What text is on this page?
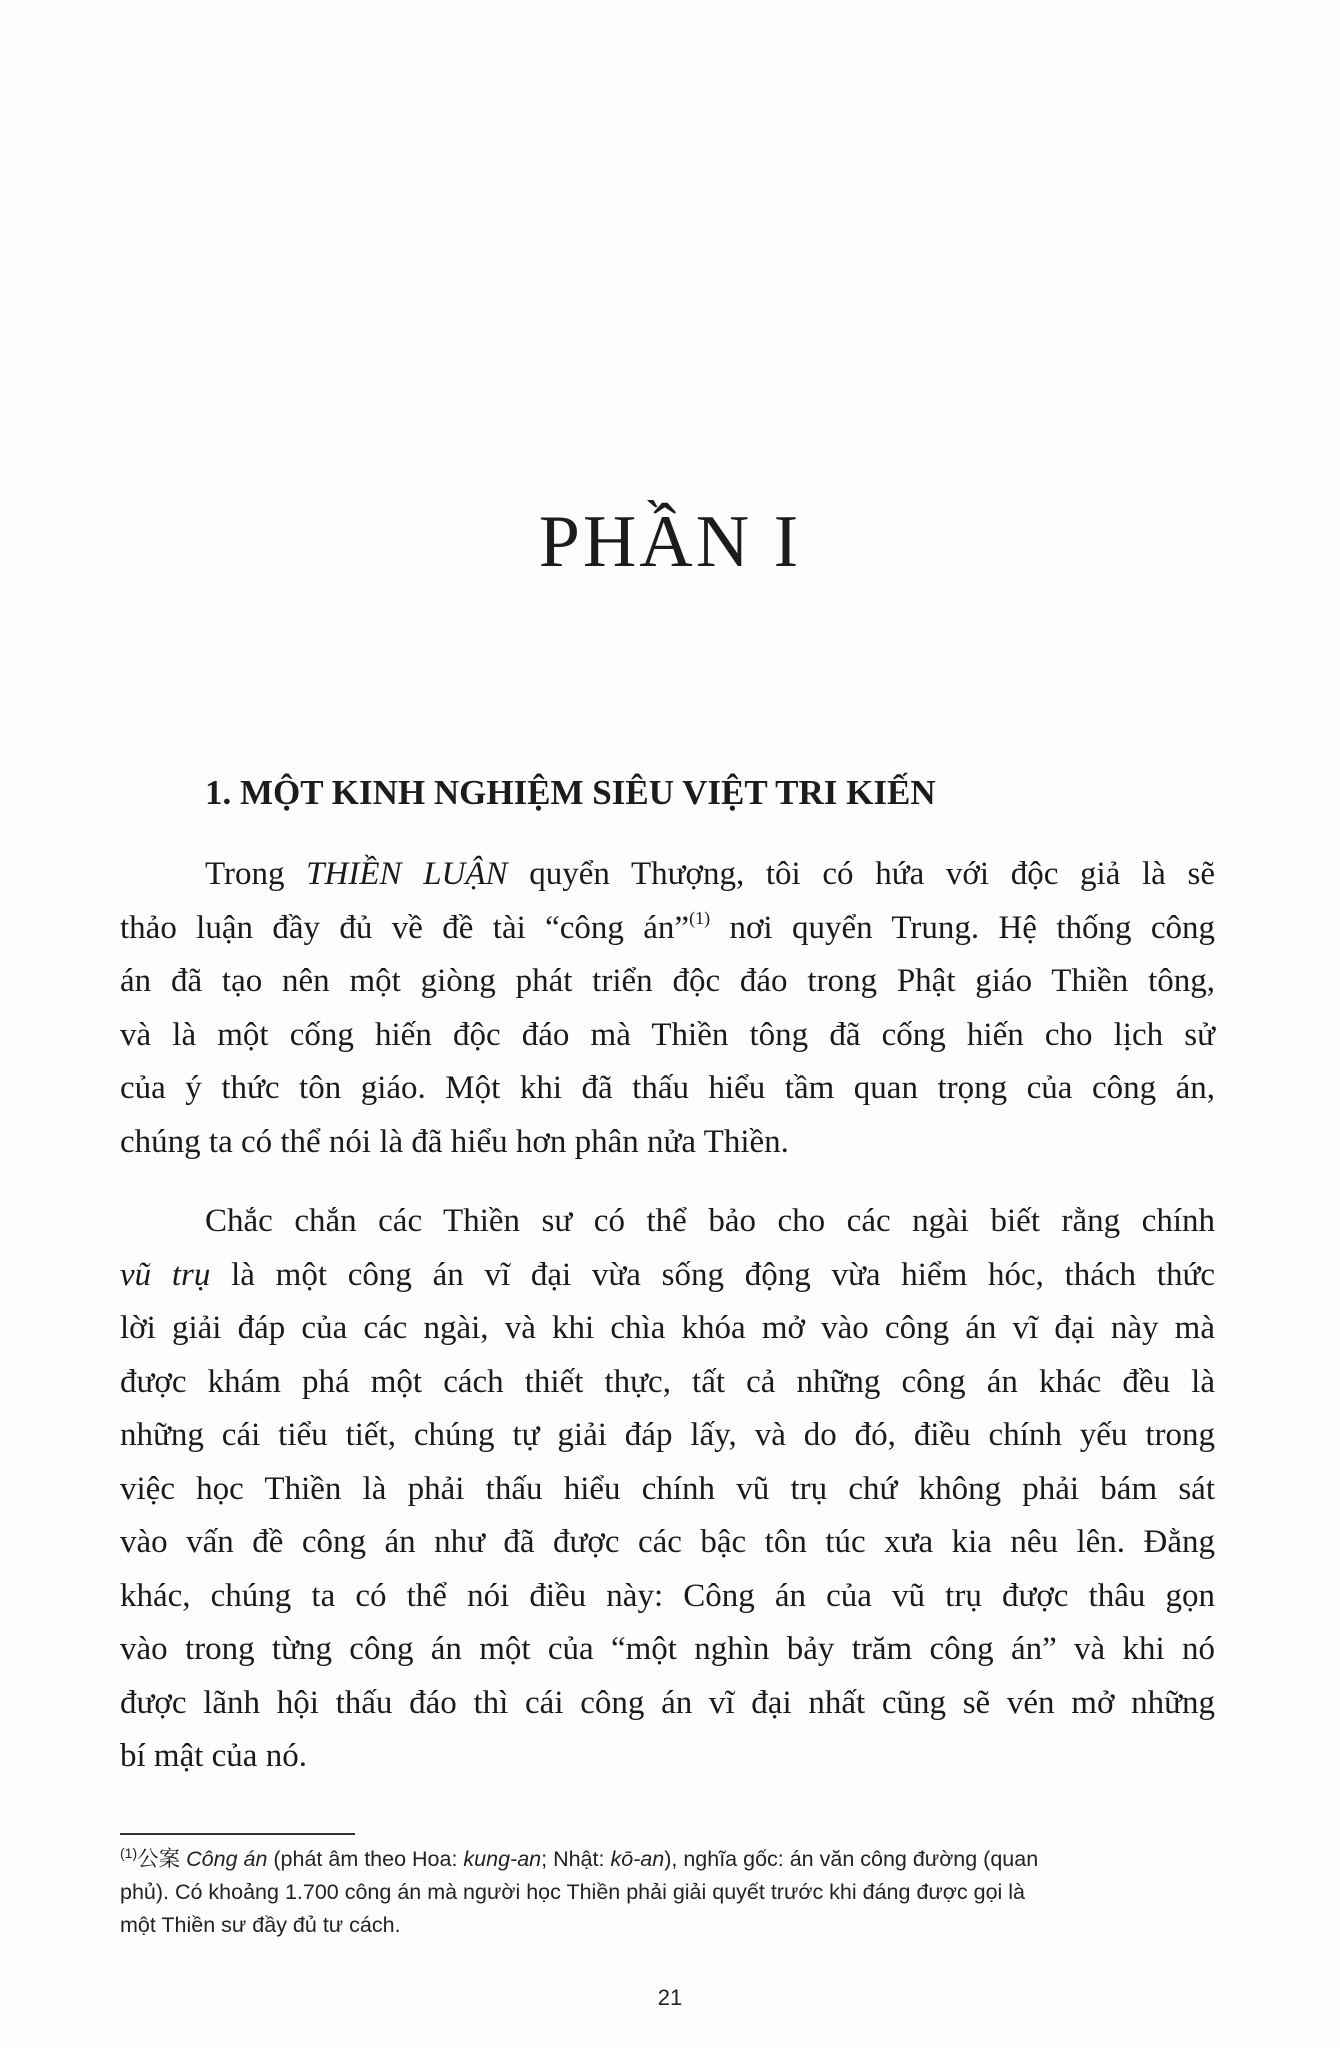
PHẦN I
1. MỘT KINH NGHIỆM SIÊU VIỆT TRI KIẾN

Trong THIỀN LUẬN quyển Thượng, tôi có hứa với độc giả là sẽ
thảo luận đầy đủ về đề tài “công án”$^{(1)}$ nơi quyển Trung. Hệ thống công
án đã tạo nên một giòng phát triển độc đáo trong Phật giáo Thiền tông,
và là một cống hiến độc đáo mà Thiền tông đã cống hiến cho lịch sử
của ý thức tôn giáo. Một khi đã thấu hiểu tầm quan trọng của công án,
chúng ta có thể nói là đã hiểu hơn phân nửa Thiền.

Chắc chắn các Thiền sư có thể bảo cho các ngài biết rằng chính
vũ trụ là một công án vĩ đại vừa sống động vừa hiểm hóc, thách thức
lời giải đáp của các ngài, và khi chìa khóa mở vào công án vĩ đại này mà
được khám phá một cách thiết thực, tất cả những công án khác đều là
những cái tiểu tiết, chúng tự giải đáp lấy, và do đó, điều chính yếu trong
việc học Thiền là phải thấu hiểu chính vũ trụ chứ không phải bám sát
vào vấn đề công án như đã được các bậc tôn túc xưa kia nêu lên. Đằng
khác, chúng ta có thể nói điều này: Công án của vũ trụ được thâu gọn
vào trong từng công án một của “một nghìn bảy trăm công án” và khi nó
được lãnh hội thấu đáo thì cái công án vĩ đại nhất cũng sẽ vén mở những
bí mật của nó.

$^{(1)}$公案 Công án (phát âm theo Hoa: kung-an; Nhật: kō-an), nghĩa gốc: án văn công đường (quan
phủ). Có khoảng 1.700 công án mà người học Thiền phải giải quyết trước khi đáng được gọi là
một Thiền sư đầy đủ tư cách.

21
